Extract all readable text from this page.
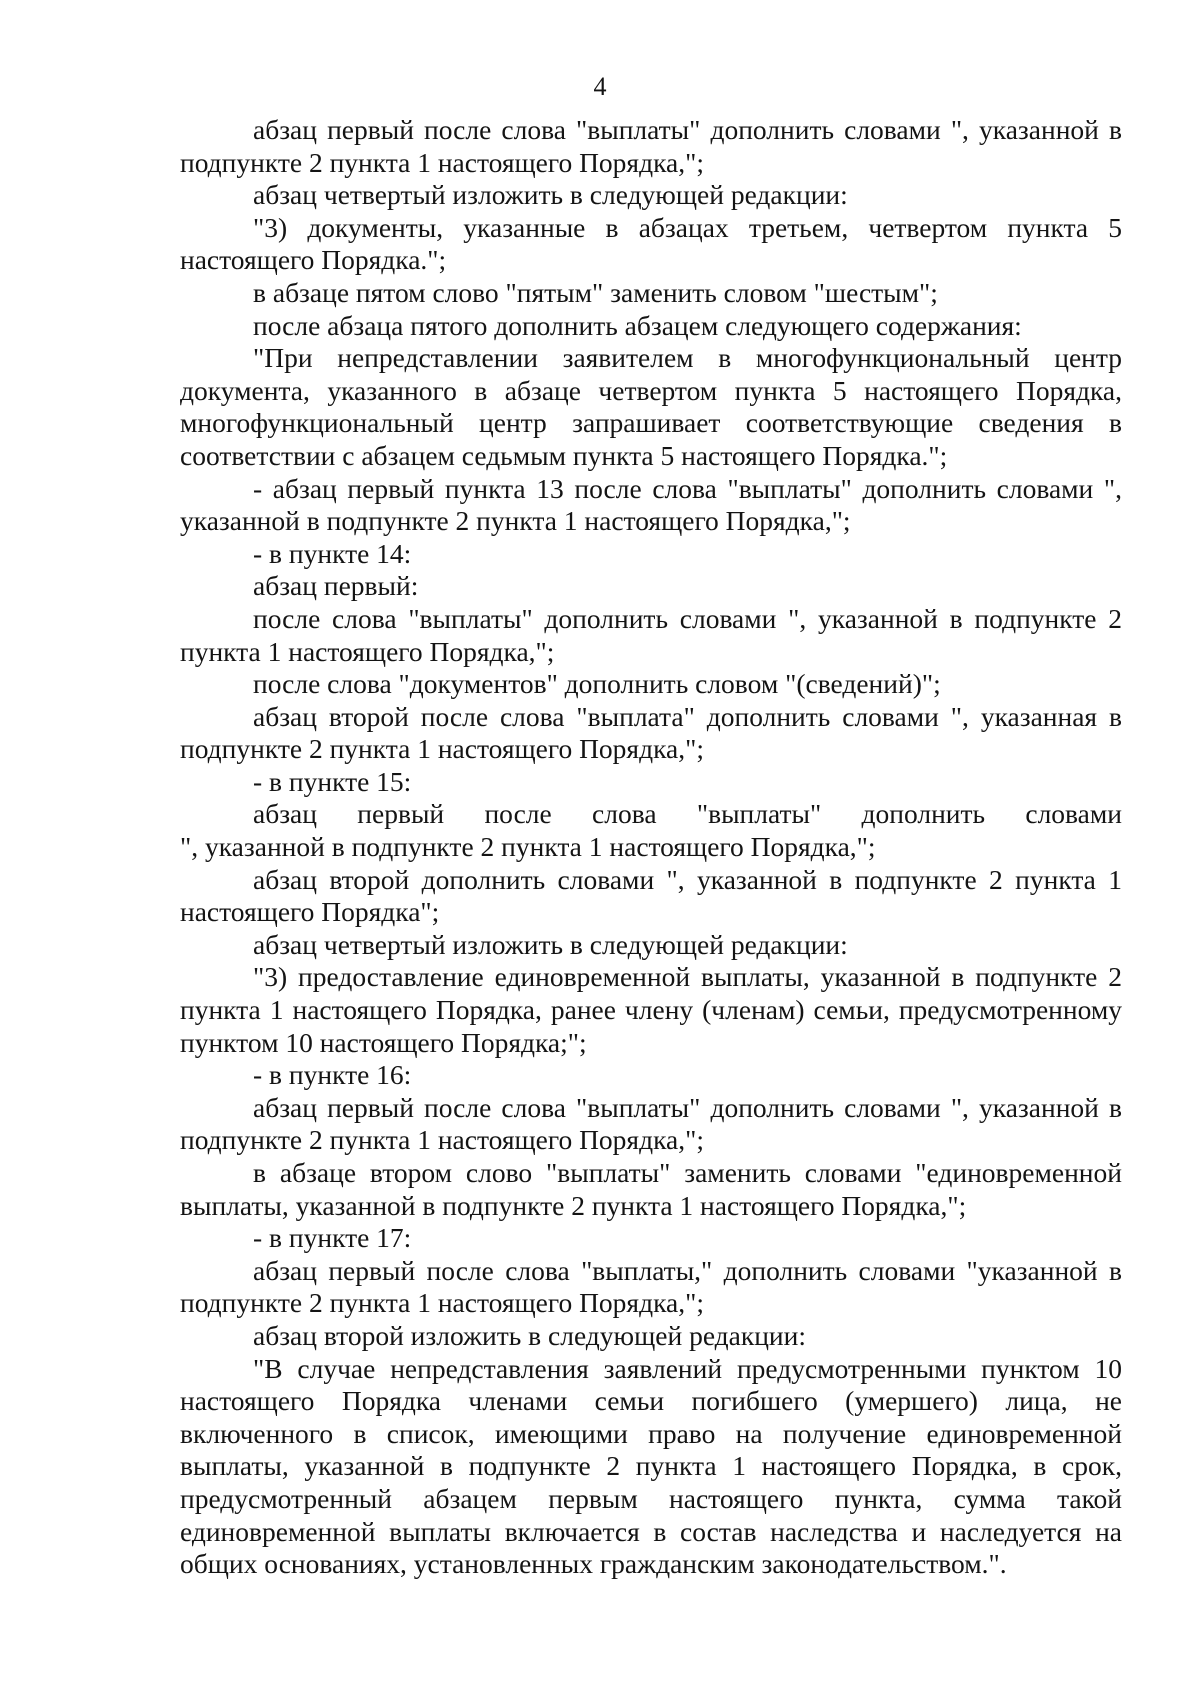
4

абзац первый после слова "выплаты" дополнить словами ", указанной в подпункте 2 пункта 1 настоящего Порядка,";

абзац четвертый изложить в следующей редакции:

"3) документы, указанные в абзацах третьем, четвертом пункта 5 настоящего Порядка.";

в абзаце пятом слово "пятым" заменить словом "шестым";

после абзаца пятого дополнить абзацем следующего содержания:

"При непредставлении заявителем в многофункциональный центр документа, указанного в абзаце четвертом пункта 5 настоящего Порядка, многофункциональный центр запрашивает соответствующие сведения в соответствии с абзацем седьмым пункта 5 настоящего Порядка.";

- абзац первый пункта 13 после слова "выплаты" дополнить словами ", указанной в подпункте 2 пункта 1 настоящего Порядка,";

- в пункте 14:

абзац первый:

после слова "выплаты" дополнить словами ", указанной в подпункте 2 пункта 1 настоящего Порядка,";

после слова "документов" дополнить словом "(сведений)";

абзац второй после слова "выплата" дополнить словами ", указанная в подпункте 2 пункта 1 настоящего Порядка,";

- в пункте 15:

абзац первый после слова "выплаты" дополнить словами

", указанной в подпункте 2 пункта 1 настоящего Порядка,";

абзац второй дополнить словами ", указанной в подпункте 2 пункта 1 настоящего Порядка";

абзац четвертый изложить в следующей редакции:

"3) предоставление единовременной выплаты, указанной в подпункте 2 пункта 1 настоящего Порядка, ранее члену (членам) семьи, предусмотренному пунктом 10 настоящего Порядка;";

- в пункте 16:

абзац первый после слова "выплаты" дополнить словами ", указанной в подпункте 2 пункта 1 настоящего Порядка,";

в абзаце втором слово "выплаты" заменить словами "единовременной выплаты, указанной в подпункте 2 пункта 1 настоящего Порядка,";

- в пункте 17:

абзац первый после слова "выплаты," дополнить словами "указанной в подпункте 2 пункта 1 настоящего Порядка,";

абзац второй изложить в следующей редакции:

"В случае непредставления заявлений предусмотренными пунктом 10 настоящего Порядка членами семьи погибшего (умершего) лица, не включенного в список, имеющими право на получение единовременной выплаты, указанной в подпункте 2 пункта 1 настоящего Порядка, в срок, предусмотренный абзацем первым настоящего пункта, сумма такой единовременной выплаты включается в состав наследства и наследуется на общих основаниях, установленных гражданским законодательством.".
